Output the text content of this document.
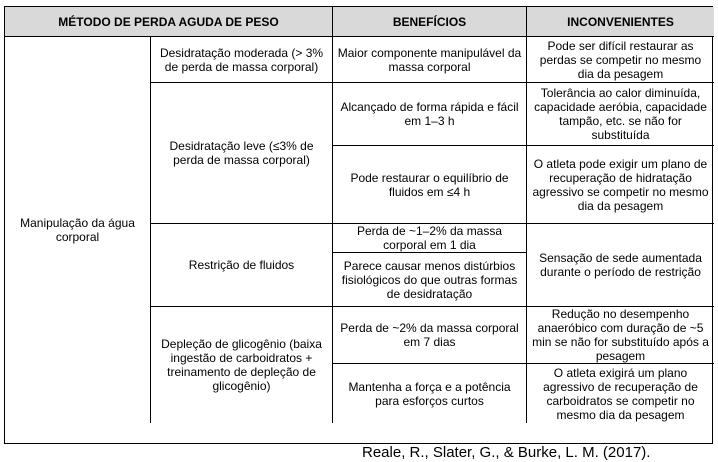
MÉTODO DE PERDA AGUDA DE PESO	BENEFÍCIOS	INCONVENIENTES
Manipulação da água corporal
Desidratação moderada (> 3% de perda de massa corporal)
Desidratação leve (≤3% de perda de massa corporal)
Restrição de fluidos
Depleção de glicogênio (baixa ingestão de carboidratos + treinamento de depleção de glicogênio)
Maior componente manipulável da massa corporal
Alcançado de forma rápida e fácil em 1–3 h
Pode restaurar o equilíbrio de fluidos em ≤4 h
Perda de ~1–2% da massa corporal em 1 dia
Parece causar menos distúrbios fisiológicos do que outras formas de desidratação
Perda de ~2% da massa corporal em 7 dias
Mantenha a força e a potência para esforços curtos
Pode ser difícil restaurar as perdas se competir no mesmo dia da pesagem
Tolerância ao calor diminuída, capacidade aeróbia, capacidade tampão, etc. se não for substituída
O atleta pode exigir um plano de recuperação de hidratação agressivo se competir no mesmo dia da pesagem
Sensação de sede aumentada durante o período de restrição
Redução no desempenho anaeróbico com duração de ~5 min se não for substituído após a pesagem
O atleta exigirá um plano agressivo de recuperação de carboidratos se competir no mesmo dia da pesagem
Reale, R., Slater, G., & Burke, L. M. (2017).
